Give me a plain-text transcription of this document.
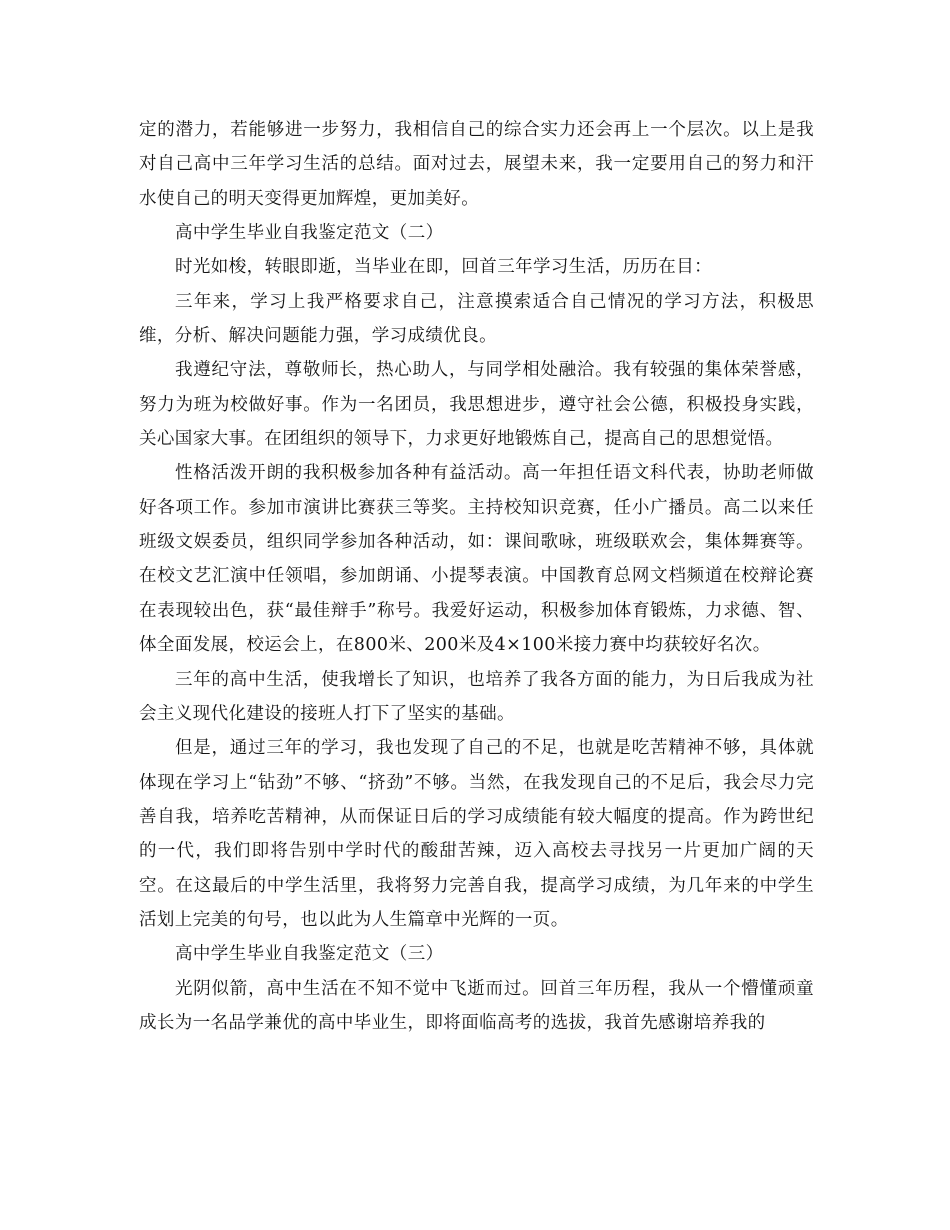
定的潜力，若能够进一步努力，我相信自己的综合实力还会再上一个层次。以上是我对自己高中三年学习生活的总结。面对过去，展望未来，我一定要用自己的努力和汗水使自己的明天变得更加辉煌，更加美好。

高中学生毕业自我鉴定范文（二）

时光如梭，转眼即逝，当毕业在即，回首三年学习生活，历历在目：

三年来，学习上我严格要求自己，注意摸索适合自己情况的学习方法，积极思维，分析、解决问题能力强，学习成绩优良。

我遵纪守法，尊敬师长，热心助人，与同学相处融洽。我有较强的集体荣誉感，努力为班为校做好事。作为一名团员，我思想进步，遵守社会公德，积极投身实践，关心国家大事。在团组织的领导下，力求更好地锻炼自己，提高自己的思想觉悟。

性格活泼开朗的我积极参加各种有益活动。高一年担任语文科代表，协助老师做好各项工作。参加市演讲比赛获三等奖。主持校知识竞赛，任小广播员。高二以来任班级文娱委员，组织同学参加各种活动，如：课间歌咏，班级联欢会，集体舞赛等。在校文艺汇演中任领唱，参加朗诵、小提琴表演。中国教育总网文档频道在校辩论赛在表现较出色，获“最佳辩手”称号。我爱好运动，积极参加体育锻炼，力求德、智、体全面发展，校运会上，在800米、200米及4×100米接力赛中均获较好名次。

三年的高中生活，使我增长了知识，也培养了我各方面的能力，为日后我成为社会主义现代化建设的接班人打下了坚实的基础。

但是，通过三年的学习，我也发现了自己的不足，也就是吃苦精神不够，具体就体现在学习上“钻劲”不够、“挤劲”不够。当然，在我发现自己的不足后，我会尽力完善自我，培养吃苦精神，从而保证日后的学习成绩能有较大幅度的提高。作为跨世纪的一代，我们即将告别中学时代的酸甜苦辣，迈入高校去寻找另一片更加广阔的天空。在这最后的中学生活里，我将努力完善自我，提高学习成绩，为几年来的中学生活划上完美的句号，也以此为人生篇章中光辉的一页。

高中学生毕业自我鉴定范文（三）

光阴似箭，高中生活在不知不觉中飞逝而过。回首三年历程，我从一个懵懂顽童成长为一名品学兼优的高中毕业生，即将面临高考的选拔，我首先感谢培养我的
